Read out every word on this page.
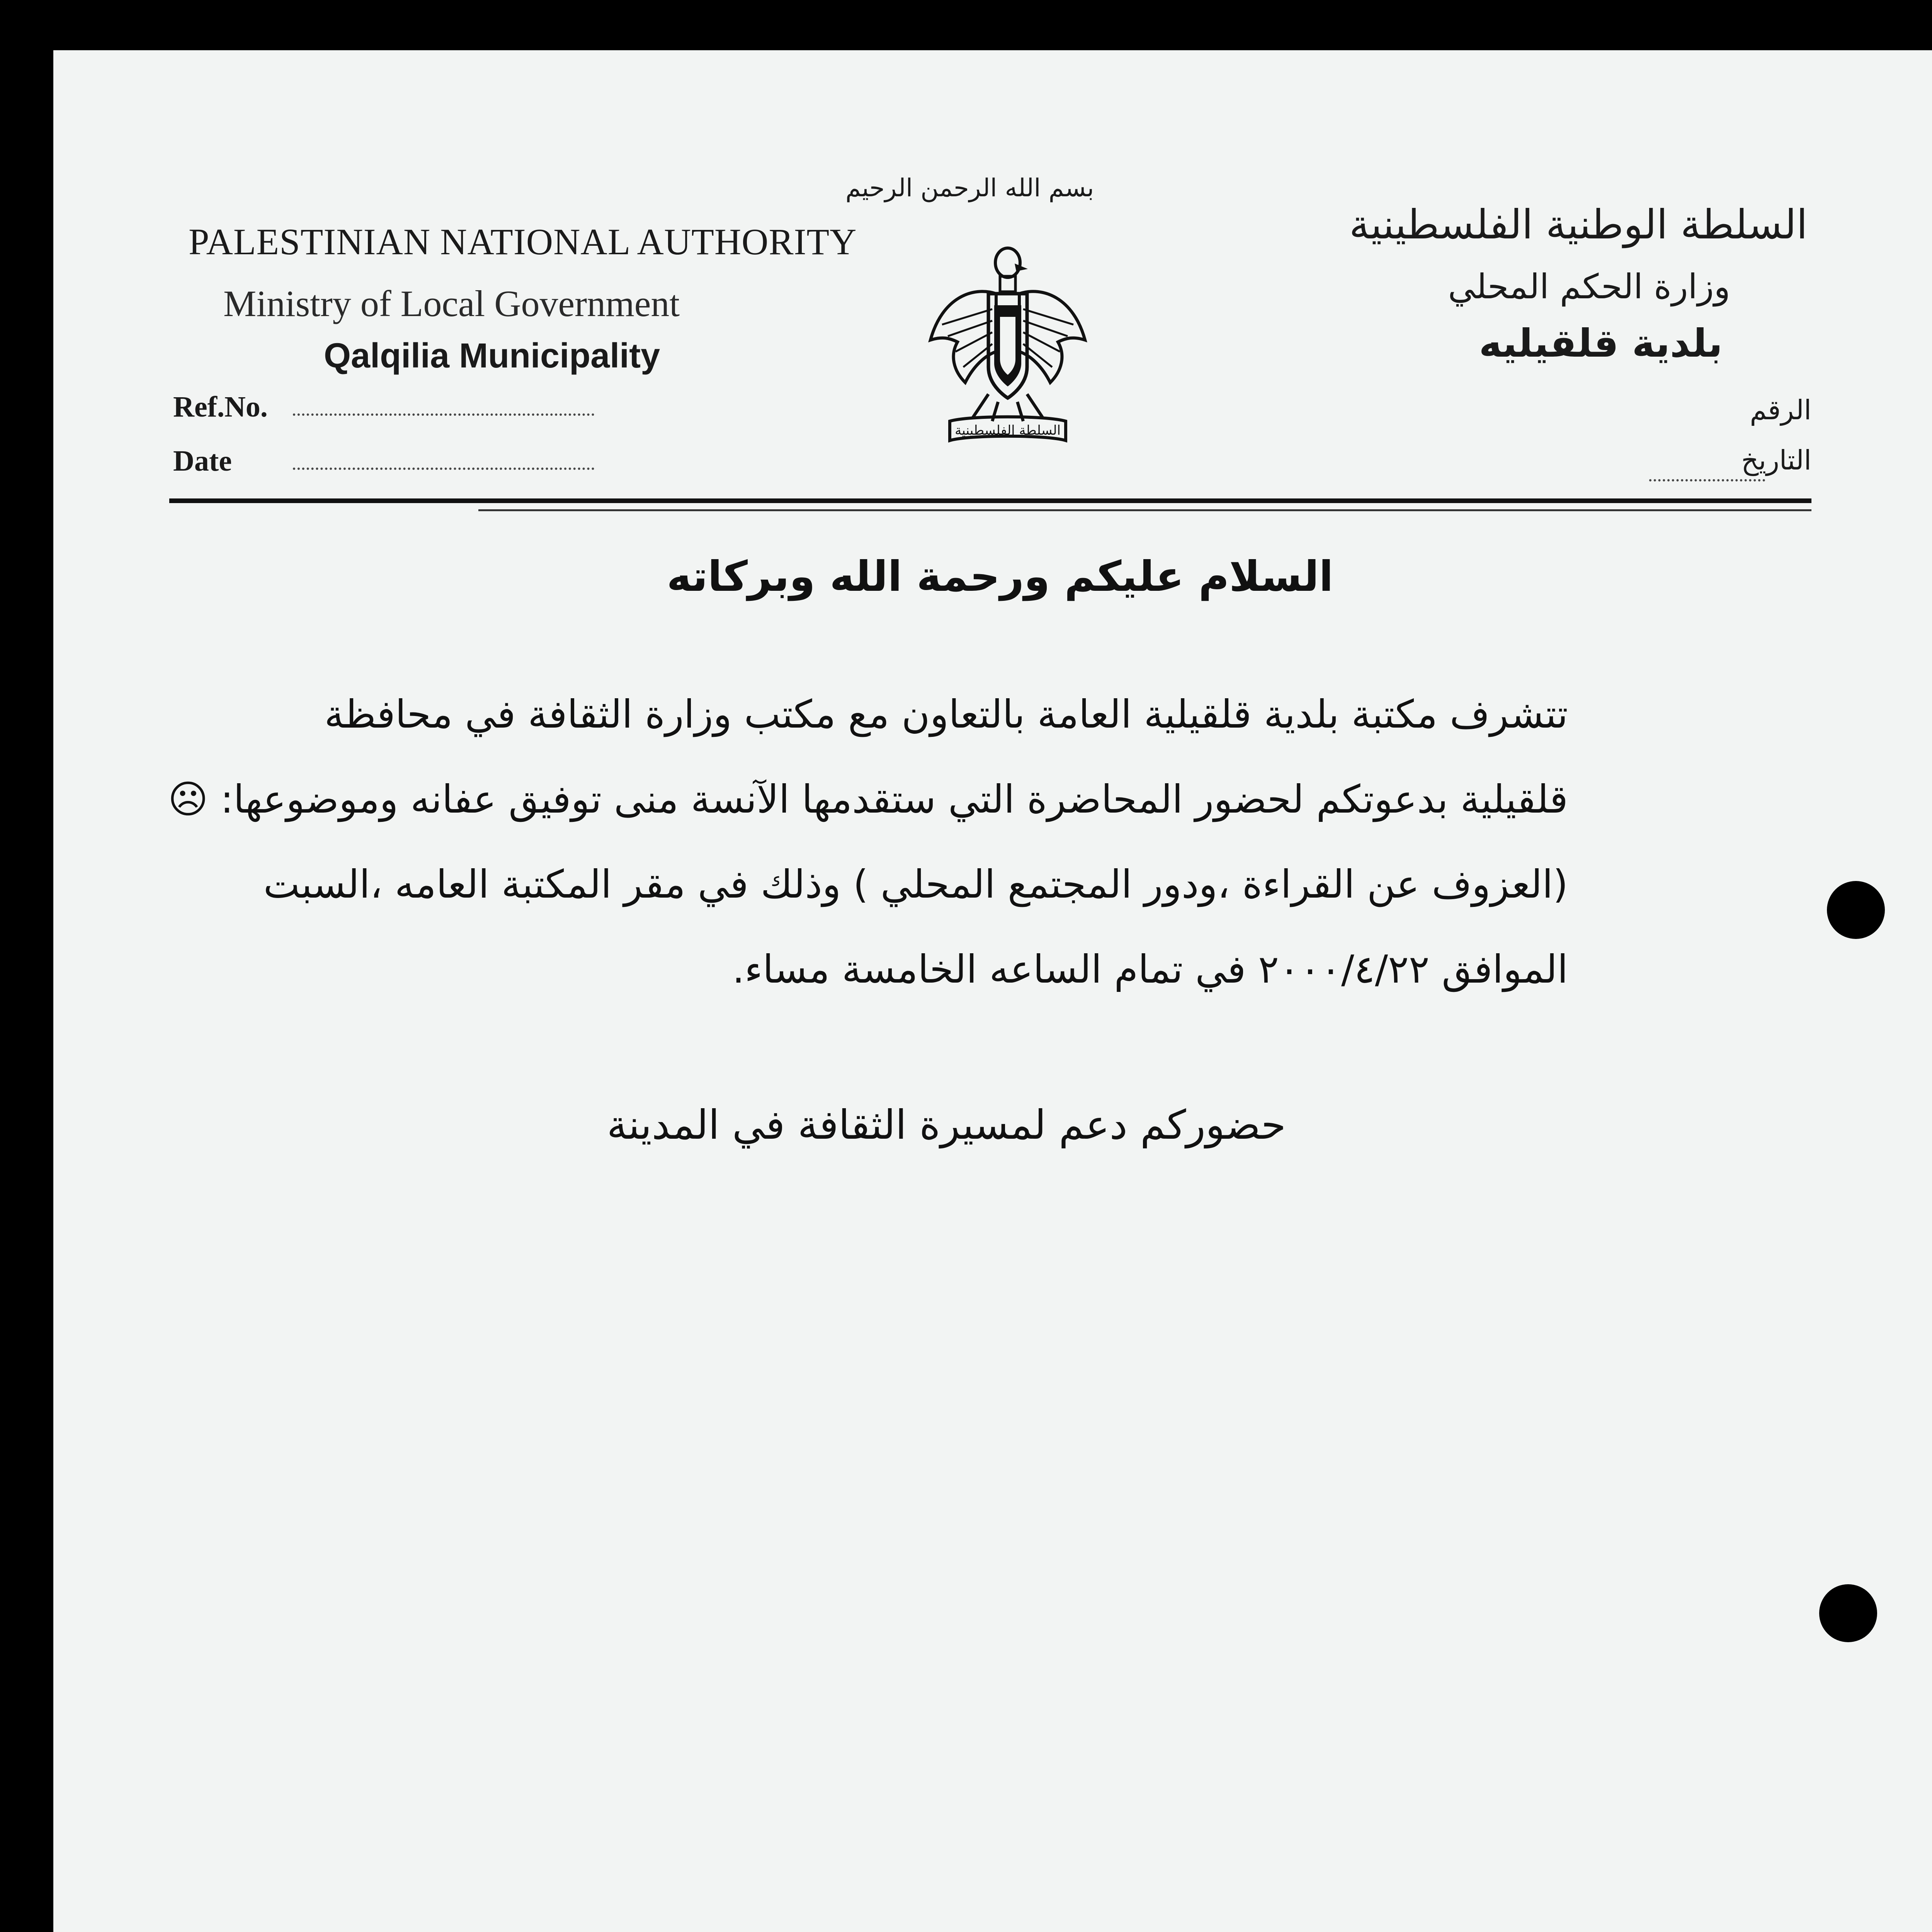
PALESTINIAN NATIONAL AUTHORITY
Ministry of Local Government
Qalqilia Municipality
Ref.No.
Date
بسم الله الرحمن الرحيم
السلطة الفلسطينية
السلطة الوطنية الفلسطينية
وزارة الحكم المحلي
بلدية قلقيليه
الرقم
التاريخ
السلام عليكم ورحمة الله وبركاته
تتشرف مكتبة بلدية قلقيلية العامة بالتعاون مع مكتب وزارة الثقافة في محافظة
قلقيلية بدعوتكم لحضور المحاضرة التي ستقدمها الآنسة منى توفيق عفانه وموضوعها: ☹
(العزوف عن القراءة ،ودور المجتمع المحلي ) وذلك في مقر المكتبة العامه ،السبت
الموافق ٢٠٠٠/٤/٢٢ في تمام الساعه الخامسة مساء.
حضوركم دعم لمسيرة الثقافة في المدينة
